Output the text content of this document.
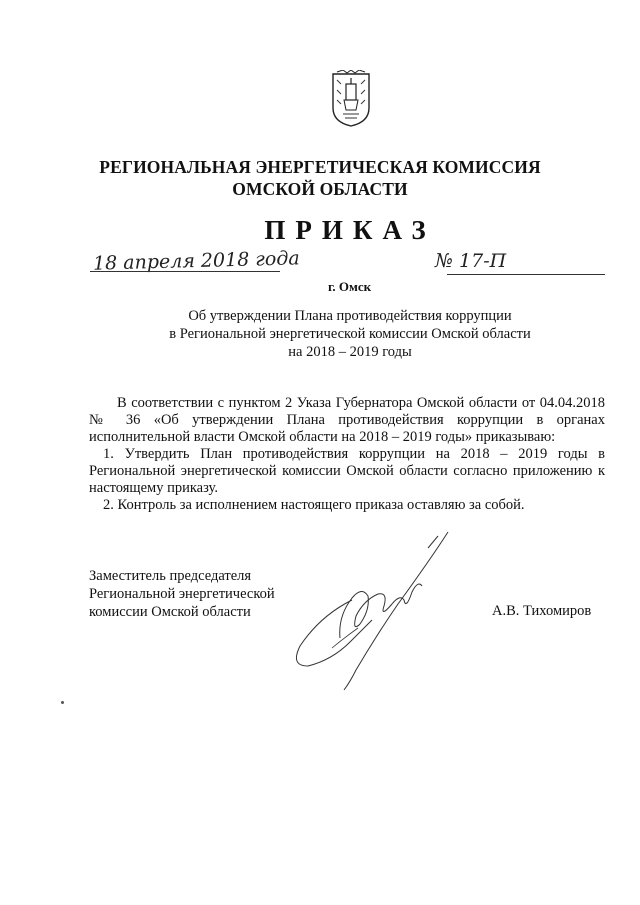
РЕГИОНАЛЬНАЯ ЭНЕРГЕТИЧЕСКАЯ КОМИССИЯ
ОМСКОЙ ОБЛАСТИ
ПРИКАЗ
18 апреля 2018 года	№ 17-П
г. Омск
Об утверждении Плана противодействия коррупции
в Региональной энергетической комиссии Омской области
на 2018 – 2019 годы

В соответствии с пунктом 2 Указа Губернатора Омской области от 04.04.2018 № 36 «Об утверждении Плана противодействия коррупции в органах исполнительной власти Омской области на 2018 – 2019 годы» приказываю:

1. Утвердить План противодействия коррупции на 2018 – 2019 годы в Региональной энергетической комиссии Омской области согласно приложению к настоящему приказу.

2. Контроль за исполнением настоящего приказа оставляю за собой.

Заместитель председателя
Региональной энергетической
комиссии Омской области	А.В. Тихомиров
